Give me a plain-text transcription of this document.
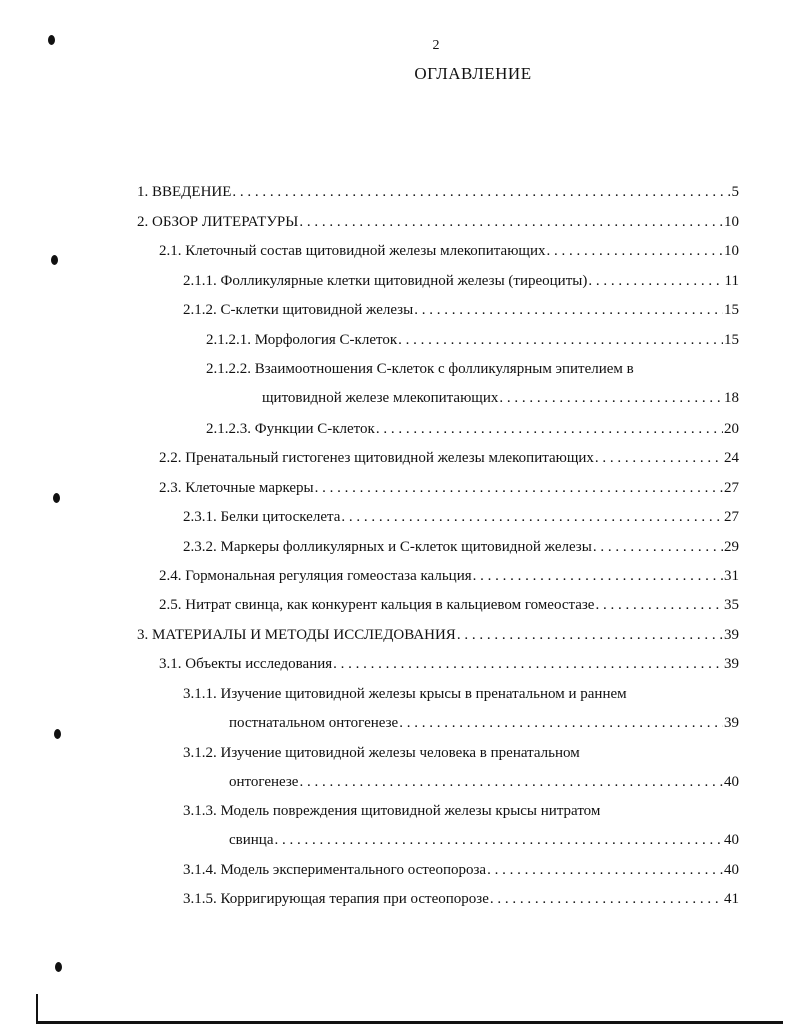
2
ОГЛАВЛЕНИЕ
1. ВВЕДЕНИЕ . . .	5
2. ОБЗОР ЛИТЕРАТУРЫ . . .	10
2.1. Клеточный состав щитовидной железы млекопитающих . . .	10
2.1.1. Фолликулярные клетки щитовидной железы (тиреоциты) . . .	11
2.1.2. С-клетки щитовидной железы . . .	15
2.1.2.1. Морфология С-клеток . . .	15
2.1.2.2. Взаимоотношения С-клеток с фолликулярным эпителием в
щитовидной железе млекопитающих . . .	18
2.1.2.3. Функции С-клеток . . .	20
2.2. Пренатальный гистогенез щитовидной железы млекопитающих . . .	24
2.3. Клеточные маркеры . . .	27
2.3.1. Белки цитоскелета . . .	27
2.3.2. Маркеры фолликулярных и С-клеток щитовидной железы . . .	29
2.4. Гормональная регуляция гомеостаза кальция . . .	31
2.5. Нитрат свинца, как конкурент кальция в кальциевом гомеостазе . . .	35
3. МАТЕРИАЛЫ И МЕТОДЫ ИССЛЕДОВАНИЯ . . .	39
3.1. Объекты исследования . . .	39
3.1.1. Изучение щитовидной железы крысы в пренатальном и раннем
постнатальном онтогенезе . . .	39
3.1.2. Изучение щитовидной железы человека в пренатальном
онтогенезе . . .	40
3.1.3. Модель повреждения щитовидной железы крысы нитратом
свинца . . .	40
3.1.4. Модель экспериментального остеопороза . . .	40
3.1.5. Корригирующая терапия при остеопорозе . . .	41
